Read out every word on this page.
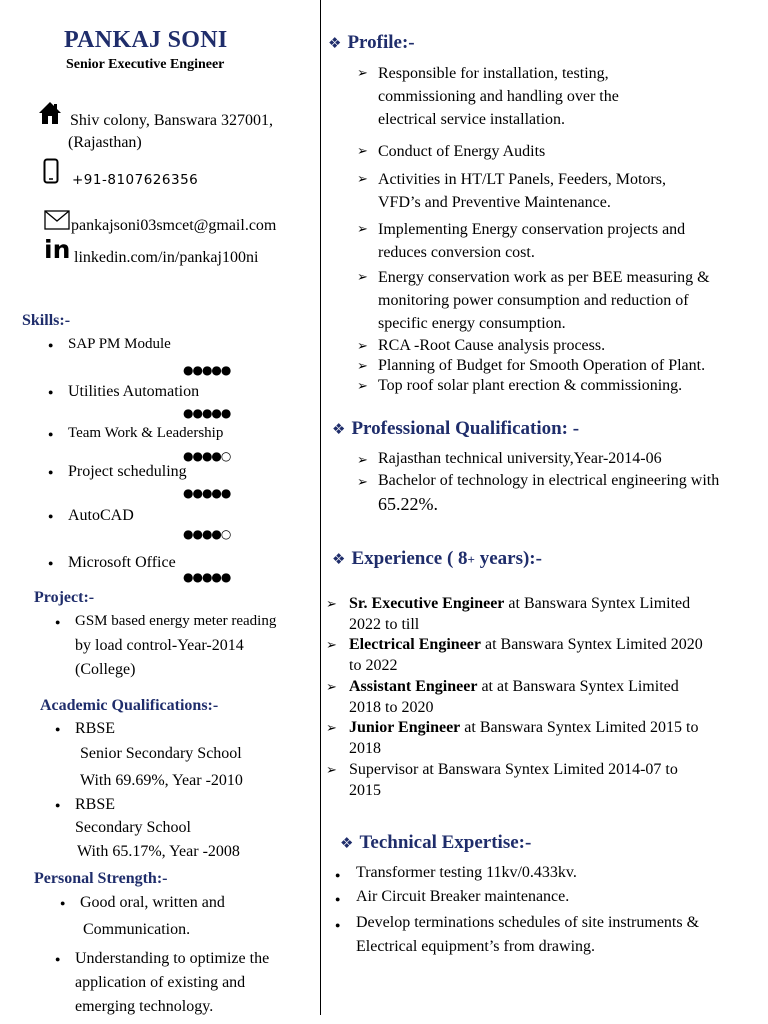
PANKAJ SONI
Senior Executive Engineer
Shiv colony, Banswara 327001,
(Rajasthan)
+91-8107626356
pankajsoni03smcet@gmail.com
in linkedin.com/in/pankaj100ni
Skills:-
● SAP PM Module
●●●●●
● Utilities Automation
●●●●●
● Team Work & Leadership
●●●●○
● Project scheduling
●●●●●
● AutoCAD
●●●●○
● Microsoft Office
●●●●●
Project:-
● GSM based energy meter reading
by load control-Year-2014
(College)
Academic Qualifications:-
● RBSE
Senior Secondary School
With 69.69%, Year -2010
● RBSE
Secondary School
With 65.17%, Year -2008
Personal Strength:-
● Good oral, written and
Communication.
● Understanding to optimize the
application of existing and
emerging technology.
❖ Profile:-
➢ Responsible for installation, testing,
commissioning and handling over the
electrical service installation.
➢ Conduct of Energy Audits
➢ Activities in HT/LT Panels, Feeders, Motors,
VFD’s and Preventive Maintenance.
➢ Implementing Energy conservation projects and
reduces conversion cost.
➢ Energy conservation work as per BEE measuring &
monitoring power consumption and reduction of
specific energy consumption.
➢ RCA -Root Cause analysis process.
➢ Planning of Budget for Smooth Operation of Plant.
➢ Top roof solar plant erection & commissioning.
❖ Professional Qualification: -
➢ Rajasthan technical university,Year-2014-06
➢ Bachelor of technology in electrical engineering with
65.22%.
❖ Experience ( 8+ years):-
➢ Sr. Executive Engineer at Banswara Syntex Limited
2022 to till
➢ Electrical Engineer at Banswara Syntex Limited 2020
to 2022
➢ Assistant Engineer at at Banswara Syntex Limited
2018 to 2020
➢ Junior Engineer at Banswara Syntex Limited 2015 to
2018
➢ Supervisor at Banswara Syntex Limited 2014-07 to
2015
❖ Technical Expertise:-
● Transformer testing 11kv/0.433kv.
● Air Circuit Breaker maintenance.
● Develop terminations schedules of site instruments &
Electrical equipment’s from drawing.
